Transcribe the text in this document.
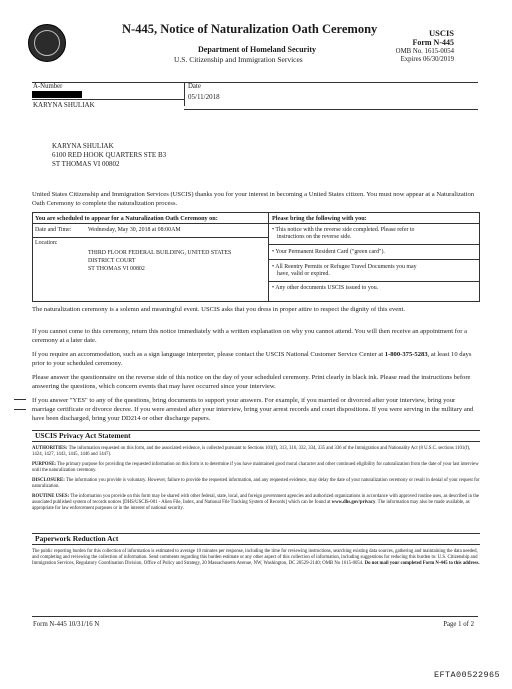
N-445, Notice of Naturalization Oath Ceremony
Department of Homeland Security
U.S. Citizenship and Immigration Services
USCIS
Form N-445
OMB No. 1615-0054
Expires 06/30/2019
A-Number	Date
05/11/2018
KARYNA SHULIAK
KARYNA SHULIAK
6100 RED HOOK QUARTERS STE B3
ST THOMAS VI 00802
United States Citizenship and Immigration Services (USCIS) thanks you for your interest in becoming a United States citizen. You must now appear at a Naturalization Oath Ceremony to complete the naturalization process.
You are scheduled to appear for a Naturalization Oath Ceremony on:
Date and Time:	Wednesday, May 30, 2018 at 08:00AM
Location:
THIRD FLOOR FEDERAL BUILDING, UNITED STATES
DISTRICT COURT
ST THOMAS VI 00802
Please bring the following with you:
• This notice with the reverse side completed. Please refer to
instructions on the reverse side.
• Your Permanent Resident Card ("green card").
• All Reentry Permits or Refugee Travel Documents you may
have, valid or expired.
• Any other documents USCIS issued to you.
The naturalization ceremony is a solemn and meaningful event. USCIS asks that you dress in proper attire to respect the dignity of this event.
If you cannot come to this ceremony, return this notice immediately with a written explanation on why you cannot attend. You will then receive an appointment for a ceremony at a later date.
If you require an accommodation, such as a sign language interpreter, please contact the USCIS National Customer Service Center at 1-800-375-5283, at least 10 days prior to your scheduled ceremony.
Please answer the questionnaire on the reverse side of this notice on the day of your scheduled ceremony. Print clearly in black ink. Please read the instructions before answering the questions, which concern events that may have occurred since your interview.
If you answer "YES" to any of the questions, bring documents to support your answers. For example, if you married or divorced after your interview, bring your marriage certificate or divorce decree. If you were arrested after your interview, bring your arrest records and court dispositions. If you were serving in the military and have been discharged, bring your DD214 or other discharge papers.
USCIS Privacy Act Statement
AUTHORITIES: The information requested on this form, and the associated evidence, is collected pursuant to Sections 101(f), 313, 316, 332, 334, 335 and 336 of the Immigration and Nationality Act (8 U.S.C. sections 1101(f), 1424, 1427, 1443, 1445, 1446 and 1447).
PURPOSE: The primary purpose for providing the requested information on this form is to determine if you have maintained good moral character and other continued eligibility for naturalization from the date of your last interview until the naturalization ceremony.
DISCLOSURE: The information you provide is voluntary. However, failure to provide the requested information, and any requested evidence, may delay the date of your naturalization ceremony or result in denial of your request for naturalization.
ROUTINE USES: The information you provide on this form may be shared with other federal, state, local, and foreign government agencies and authorized organizations in accordance with approved routine uses, as described in the associated published system of records notices [DHS/USCIS-001 - Alien File, Index, and National File Tracking System of Records] which can be found at www.dhs.gov/privacy. The information may also be made available, as appropriate for law enforcement purposes or in the interest of national security.
Paperwork Reduction Act
The public reporting burden for this collection of information is estimated to average 10 minutes per response, including the time for reviewing instructions, searching existing data sources, gathering and maintaining the data needed, and completing and reviewing the collection of information. Send comments regarding this burden estimate or any other aspect of this collection of information, including suggestions for reducing this burden to: U.S. Citizenship and Immigration Services, Regulatory Coordination Division, Office of Policy and Strategy, 20 Massachusetts Avenue, NW, Washington, DC 20529-2140; OMB No 1615-0054. Do not mail your completed Form N-445 to this address.
Form N-445 10/31/16 N	Page 1 of 2
EFTA00522965
